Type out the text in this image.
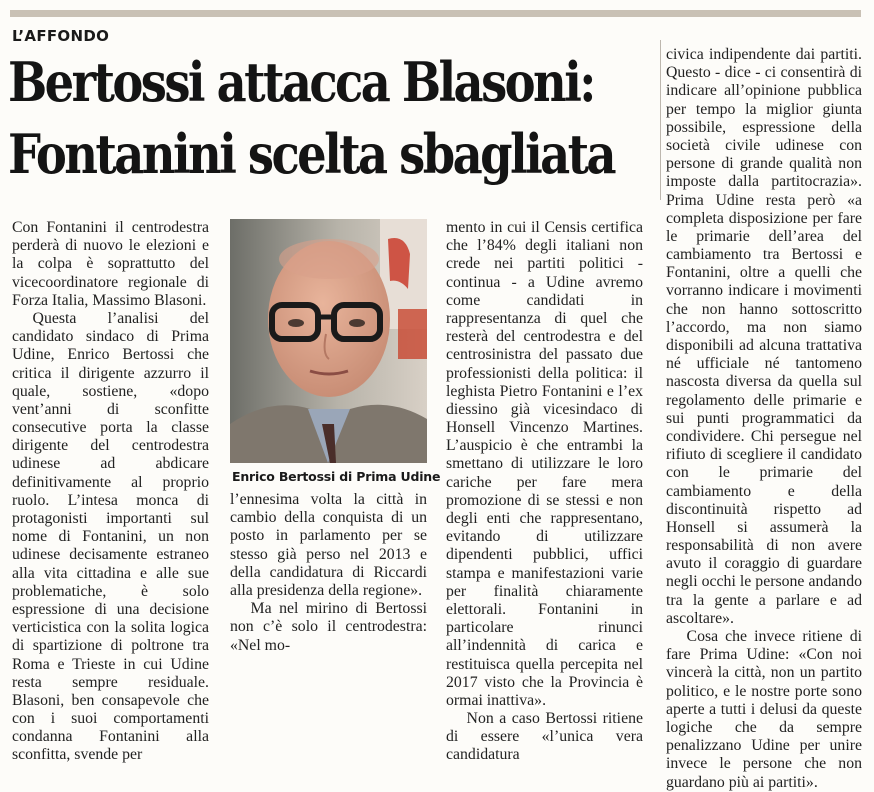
L’AFFONDO
Bertossi attacca Blasoni:
Fontanini scelta sbagliata

Con Fontanini il centrodestra perderà di nuovo le elezioni e la colpa è soprattutto del vicecoordinatore regionale di Forza Italia, Massimo Blasoni.

Questa l’analisi del candidato sindaco di Prima Udine, Enrico Bertossi che critica il dirigente azzurro il quale, sostiene, «dopo vent’anni di sconfitte consecutive porta la classe dirigente del centrodestra udinese ad abdicare definitivamente al proprio ruolo. L’intesa monca di protagonisti importanti sul nome di Fontanini, un non udinese decisamente estraneo alla vita cittadina e alle sue problematiche, è solo espressione di una decisione verticistica con la solita logica di spartizione di poltrone tra Roma e Trieste in cui Udine resta sempre residuale. Blasoni, ben consapevole che con i suoi comportamenti condanna Fontanini alla sconfitta, svende per

Enrico Bertossi di Prima Udine

l’ennesima volta la città in cambio della conquista di un posto in parlamento per se stesso già perso nel 2013 e della candidatura di Riccardi alla presidenza della regione».

Ma nel mirino di Bertossi non c’è solo il centrodestra: «Nel mo-

mento in cui il Censis certifica che l’84% degli italiani non crede nei partiti politici - continua - a Udine avremo come candidati in rappresentanza di quel che resterà del centrodestra e del centrosinistra del passato due professionisti della politica: il leghista Pietro Fontanini e l’ex diessino già vicesindaco di Honsell Vincenzo Martines. L’auspicio è che entrambi la smettano di utilizzare le loro cariche per fare mera promozione di se stessi e non degli enti che rappresentano, evitando di utilizzare dipendenti pubblici, uffici stampa e manifestazioni varie per finalità chiaramente elettorali. Fontanini in particolare rinunci all’indennità di carica e restituisca quella percepita nel 2017 visto che la Provincia è ormai inattiva».

Non a caso Bertossi ritiene di essere «l’unica vera candidatura

civica indipendente dai partiti. Questo - dice - ci consentirà di indicare all’opinione pubblica per tempo la miglior giunta possibile, espressione della società civile udinese con persone di grande qualità non imposte dalla partitocrazia». Prima Udine resta però «a completa disposizione per fare le primarie dell’area del cambiamento tra Bertossi e Fontanini, oltre a quelli che vorranno indicare i movimenti che non hanno sottoscritto l’accordo, ma non siamo disponibili ad alcuna trattativa né ufficiale né tantomeno nascosta diversa da quella sul regolamento delle primarie e sui punti programmatici da condividere. Chi persegue nel rifiuto di scegliere il candidato con le primarie del cambiamento e della discontinuità rispetto ad Honsell si assumerà la responsabilità di non avere avuto il coraggio di guardare negli occhi le persone andando tra la gente a parlare e ad ascoltare».

Cosa che invece ritiene di fare Prima Udine: «Con noi vincerà la città, non un partito politico, e le nostre porte sono aperte a tutti i delusi da queste logiche che da sempre penalizzano Udine per unire invece le persone che non guardano più ai partiti».
